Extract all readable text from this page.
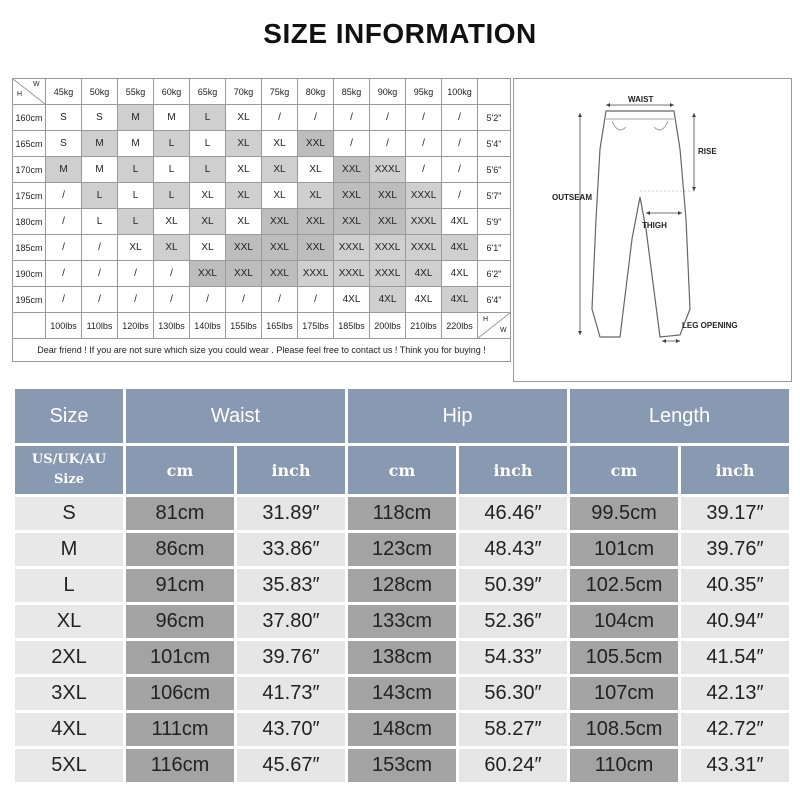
SIZE INFORMATION
H
W	45kg	50kg	55kg	60kg	65kg	70kg	75kg	80kg	85kg	90kg	95kg	100kg	
160cm	S	S	M	M	L	XL	/	/	/	/	/	/	5'2"
165cm	S	M	M	L	L	XL	XL	XXL	/	/	/	/	5'4"
170cm	M	M	L	L	L	XL	XL	XL	XXL	XXXL	/	/	5'6"
175cm	/	L	L	L	XL	XL	XL	XL	XXL	XXL	XXXL	/	5'7"
180cm	/	L	L	XL	XL	XL	XXL	XXL	XXL	XXL	XXXL	4XL	5'9"
185cm	/	/	XL	XL	XL	XXL	XXL	XXL	XXXL	XXXL	XXXL	4XL	6'1"
190cm	/	/	/	/	XXL	XXL	XXL	XXXL	XXXL	XXXL	4XL	4XL	6'2"
195cm	/	/	/	/	/	/	/	/	4XL	4XL	4XL	4XL	6'4"
	100lbs	110lbs	120lbs	130lbs	140lbs	155lbs	165lbs	175lbs	185lbs	200lbs	210lbs	220lbs	H
W

Dear friend ! If you are not sure which size you could wear . Please feel free to contact us ! Think you for buying !													
WAIST
RISE
OUTSEAM
THIGH
LEG OPENING
Size	Waist		Hip		Length	

US/UK/AU
Size	cm	inch	cm	inch	cm	inch
S	81cm	31.89″	118cm	46.46″	99.5cm	39.17″
M	86cm	33.86″	123cm	48.43″	101cm	39.76″
L	91cm	35.83″	128cm	50.39″	102.5cm	40.35″
XL	96cm	37.80″	133cm	52.36″	104cm	40.94″
2XL	101cm	39.76″	138cm	54.33″	105.5cm	41.54″
3XL	106cm	41.73″	143cm	56.30″	107cm	42.13″
4XL	111cm	43.70″	148cm	58.27″	108.5cm	42.72″
5XL	116cm	45.67″	153cm	60.24″	110cm	43.31″
